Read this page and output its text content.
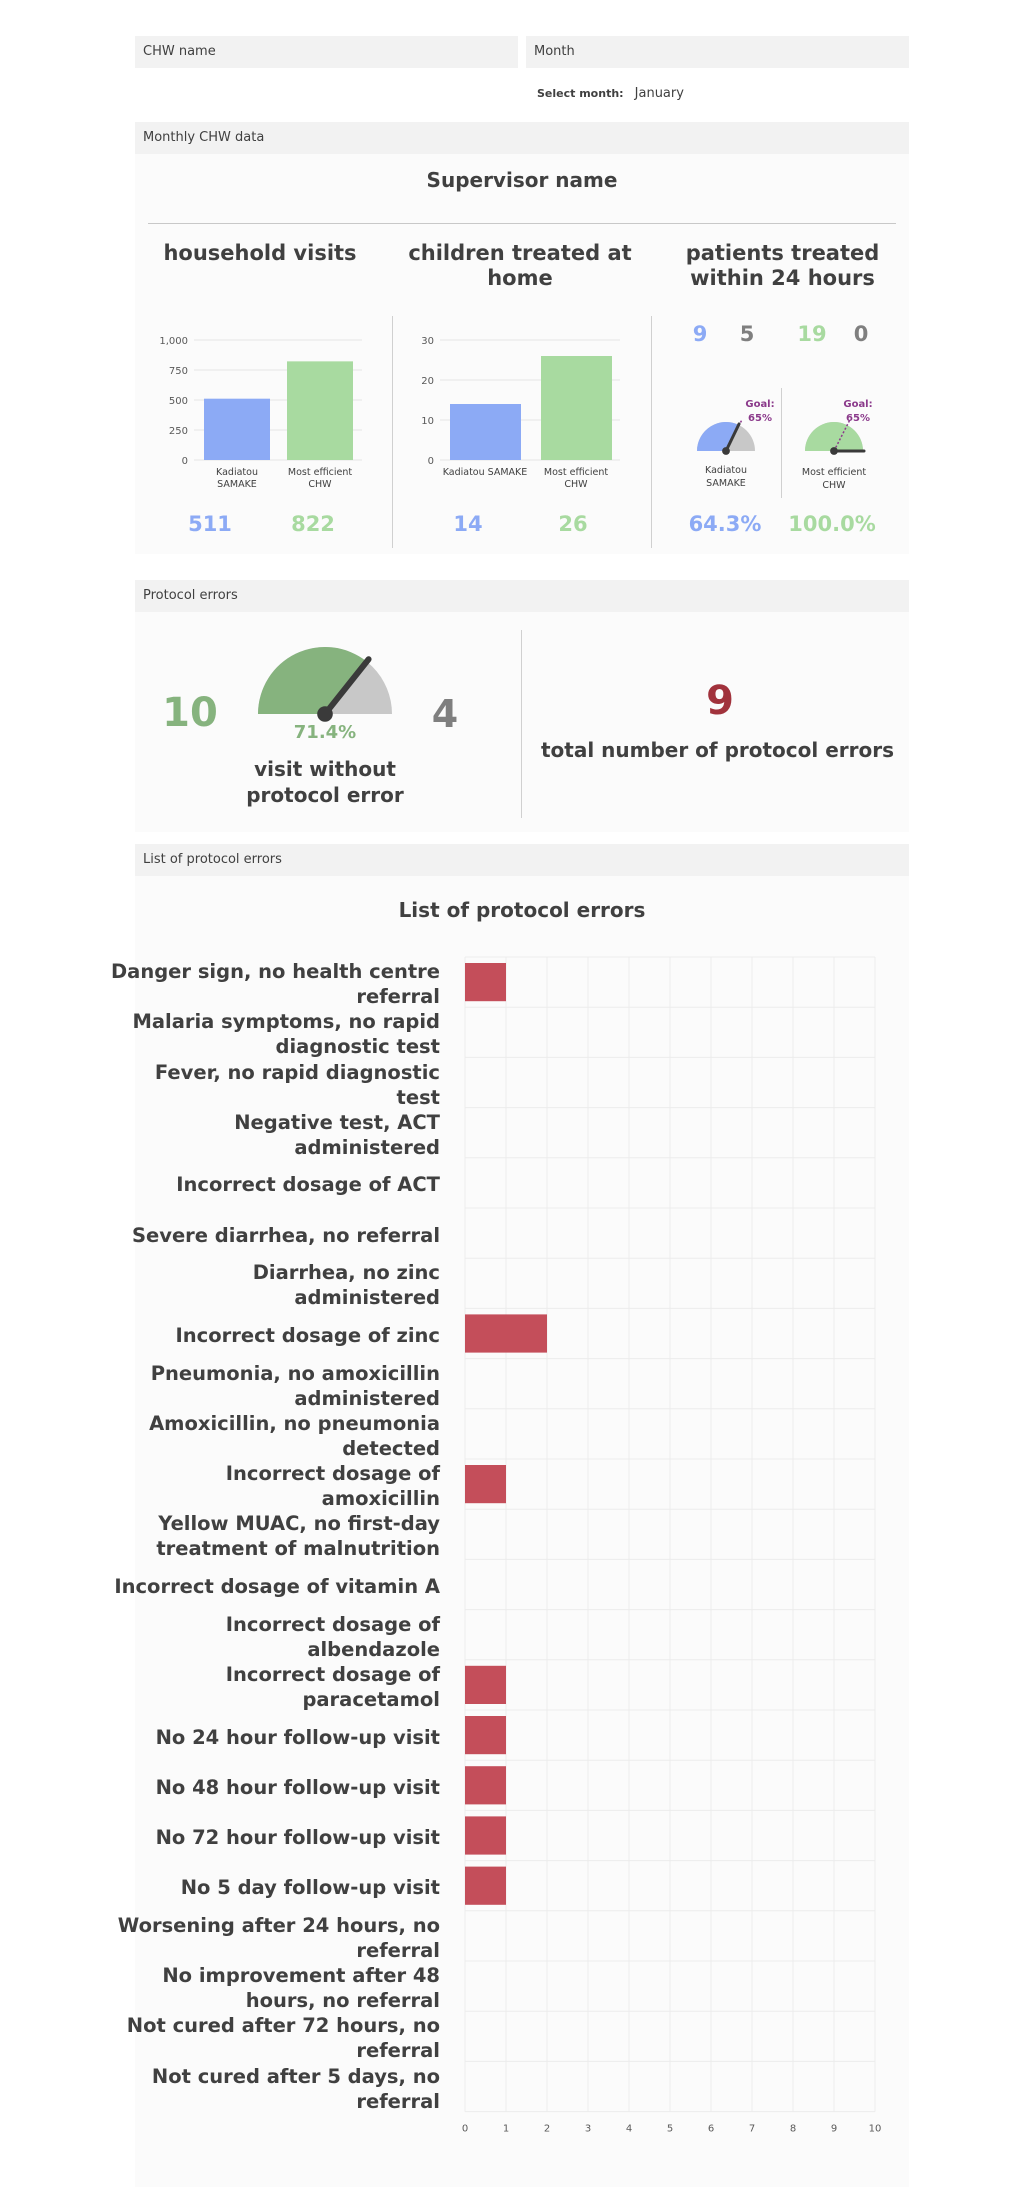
CHW name	Month
Select month: January
Monthly CHW data
Supervisor name
household visits	children treated at home
patients treated within 24 hours
1,000
750
500
250
0
Kadiatou
SAMAKE
Most efficient
CHW
511	822
30
20
10
0
Kadiatou SAMAKE Most efficient
CHW
14	26
9	5	19	0
Goal:
65%
Kadiatou
SAMAKE
Goal:
65%
Most efficient
CHW
64.3%	100.0%
Protocol errors
10	71.4%	4
visit without protocol error
9
total number of protocol errors
List of protocol errors
List of protocol errors
Danger sign, no health centre referral
Malaria symptoms, no rapid diagnostic test
Fever, no rapid diagnostic test
Negative test, ACT administered
Incorrect dosage of ACT
Severe diarrhea, no referral
Diarrhea, no zinc administered
Incorrect dosage of zinc
Pneumonia, no amoxicillin administered
Amoxicillin, no pneumonia detected
Incorrect dosage of amoxicillin
Yellow MUAC, no first-day treatment of malnutrition
Incorrect dosage of vitamin A
Incorrect dosage of albendazole
Incorrect dosage of paracetamol
No 24 hour follow-up visit
No 48 hour follow-up visit
No 72 hour follow-up visit
No 5 day follow-up visit
Worsening after 24 hours, no referral
No improvement after 48 hours, no referral
Not cured after 72 hours, no referral
Not cured after 5 days, no referral
0	1	2	3	4	5	6	7	8	9	10
